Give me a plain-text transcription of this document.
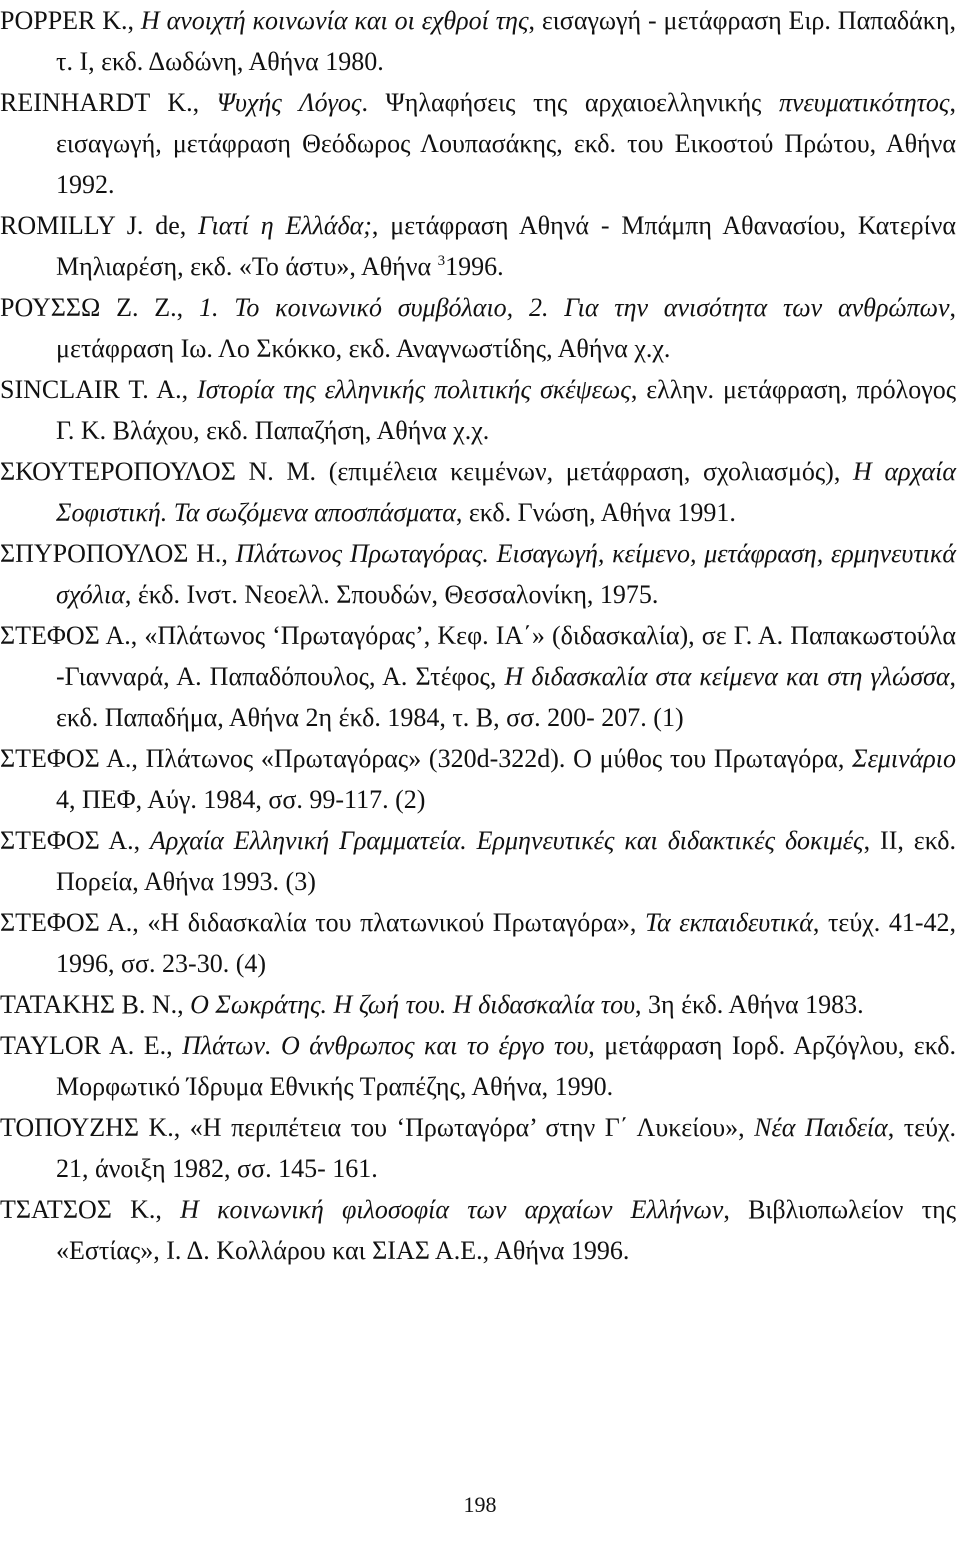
POPPER K., Η ανοιχτή κοινωνία και οι εχθροί της, εισαγωγή - μετάφραση Ειρ. Παπαδάκη, τ. Ι, εκδ. Δωδώνη, Αθήνα 1980.
REINHARDT K., Ψυχής Λόγος. Ψηλαφήσεις της αρχαιοελληνικής πνευματικότητος, εισαγωγή, μετάφραση Θεόδωρος Λουπασάκης, εκδ. του Εικοστού Πρώτου, Αθήνα 1992.
ROMILLY J. de, Γιατί η Ελλάδα;, μετάφραση Αθηνά - Μπάμπη Αθανασίου, Κατερίνα Μηλιαρέση, εκδ. «Το άστυ», Αθήνα $^3$1996.
ΡΟΥΣΣΩ Ζ. Ζ., 1. Το κοινωνικό συμβόλαιο, 2. Για την ανισότητα των ανθρώπων, μετάφραση Ιω. Λο Σκόκκο, εκδ. Αναγνωστίδης, Αθήνα χ.χ.
SINCLAIR T. A., Ιστορία της ελληνικής πολιτικής σκέψεως, ελλην. μετάφραση, πρόλογος Γ. Κ. Βλάχου, εκδ. Παπαζήση, Αθήνα χ.χ.
ΣΚΟΥΤΕΡΟΠΟΥΛΟΣ Ν. Μ. (επιμέλεια κειμένων, μετάφραση, σχολιασμός), Η αρχαία Σοφιστική. Τα σωζόμενα αποσπάσματα, εκδ. Γνώση, Αθήνα 1991.
ΣΠΥΡΟΠΟΥΛΟΣ Η., Πλάτωνος Πρωταγόρας. Εισαγωγή, κείμενο, μετάφραση, ερμηνευτικά σχόλια, έκδ. Ινστ. Νεοελλ. Σπουδών, Θεσσαλονίκη, 1975.
ΣΤΕΦΟΣ Α., «Πλάτωνος ‘Πρωταγόρας’, Κεφ. ΙΑ΄» (διδασκαλία), σε Γ. Α. Παπακωστούλα -Γιανναρά, Α. Παπαδόπουλος, Α. Στέφος, Η διδασκαλία στα κείμενα και στη γλώσσα, εκδ. Παπαδήμα, Αθήνα 2η έκδ. 1984, τ. Β, σσ. 200- 207. (1)
ΣΤΕΦΟΣ Α., Πλάτωνος «Πρωταγόρας» (320d-322d). Ο μύθος του Πρωταγόρα, Σεμινάριο 4, ΠΕΦ, Αύγ. 1984, σσ. 99-117. (2)
ΣΤΕΦΟΣ Α., Αρχαία Ελληνική Γραμματεία. Ερμηνευτικές και διδακτικές δοκιμές, ΙΙ, εκδ. Πορεία, Αθήνα 1993. (3)
ΣΤΕΦΟΣ Α., «Η διδασκαλία του πλατωνικού Πρωταγόρα», Τα εκπαιδευτικά, τεύχ. 41-42, 1996, σσ. 23-30. (4)
ΤΑΤΑΚΗΣ Β. Ν., Ο Σωκράτης. Η ζωή του. Η διδασκαλία του, 3η έκδ. Αθήνα 1983.
TAYLOR A. E., Πλάτων. Ο άνθρωπος και το έργο του, μετάφραση Ιορδ. Αρζόγλου, εκδ. Μορφωτικό Ίδρυμα Εθνικής Τραπέζης, Αθήνα, 1990.
ΤΟΠΟΥΖΗΣ Κ., «Η περιπέτεια του ‘Πρωταγόρα’ στην Γ΄ Λυκείου», Νέα Παιδεία, τεύχ. 21, άνοιξη 1982, σσ. 145- 161.
ΤΣΑΤΣΟΣ Κ., Η κοινωνική φιλοσοφία των αρχαίων Ελλήνων, Βιβλιοπωλείον της «Εστίας», Ι. Δ. Κολλάρου και ΣΙΑΣ Α.Ε., Αθήνα 1996.
198
